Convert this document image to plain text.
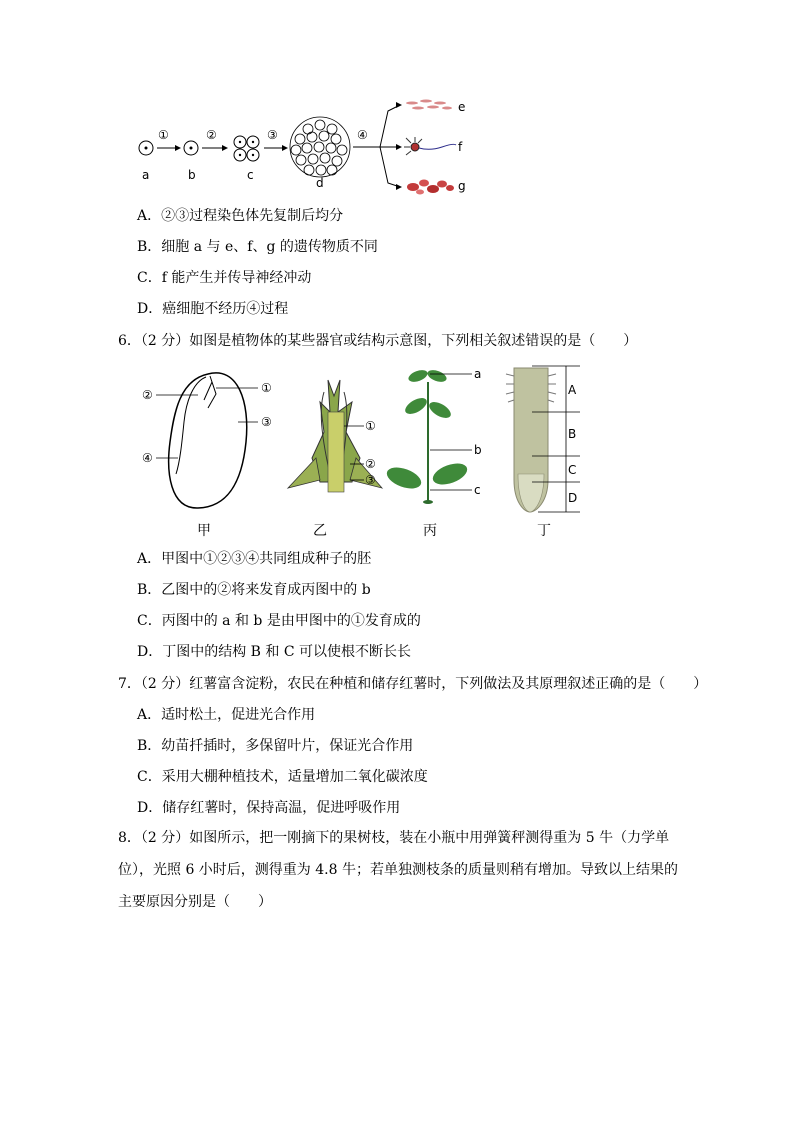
a	b	c
d
①	②	③	④
e
f
g
A．②③过程染色体先复制后均分
B．细胞 a 与 e、f、g 的遗传物质不同
C．f 能产生并传导神经冲动
D．癌细胞不经历④过程
6．（2 分）如图是植物体的某些器官或结构示意图，下列相关叙述错误的是（　　）
②	①
③
④
①
②
③
a
b
c
A
B
C
D
甲	乙	丙	丁
A．甲图中①②③④共同组成种子的胚
B．乙图中的②将来发育成丙图中的 b
C．丙图中的 a 和 b 是由甲图中的①发育成的
D．丁图中的结构 B 和 C 可以使根不断长长
7．（2 分）红薯富含淀粉，农民在种植和储存红薯时，下列做法及其原理叙述正确的是（　　）
A．适时松土，促进光合作用
B．幼苗扦插时，多保留叶片，保证光合作用
C．采用大棚种植技术，适量增加二氧化碳浓度
D．储存红薯时，保持高温，促进呼吸作用
8．（2 分）如图所示，把一刚摘下的果树枝，装在小瓶中用弹簧秤测得重为 5 牛（力学单位），光照 6 小时后，测得重为 4.8 牛；若单独测枝条的质量则稍有增加。导致以上结果的主要原因分别是（　　）
